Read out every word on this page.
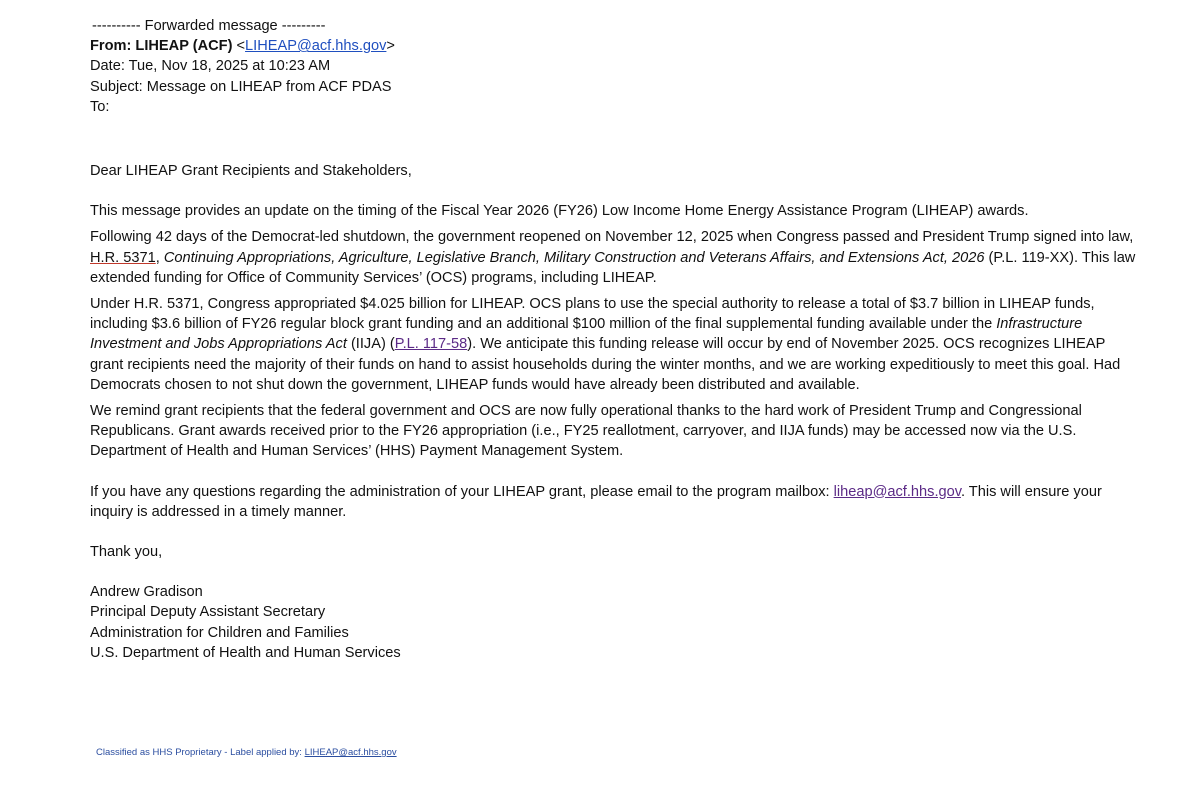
---------- Forwarded message ---------
From: LIHEAP (ACF) <LIHEAP@acf.hhs.gov>
Date: Tue, Nov 18, 2025 at 10:23 AM
Subject: Message on LIHEAP from ACF PDAS
To:

Dear LIHEAP Grant Recipients and Stakeholders,

This message provides an update on the timing of the Fiscal Year 2026 (FY26) Low Income Home Energy Assistance Program (LIHEAP) awards.

Following 42 days of the Democrat-led shutdown, the government reopened on November 12, 2025 when Congress passed and President Trump signed into law, H.R. 5371, Continuing Appropriations, Agriculture, Legislative Branch, Military Construction and Veterans Affairs, and Extensions Act, 2026 (P.L. 119-XX). This law extended funding for Office of Community Services’ (OCS) programs, including LIHEAP.

Under H.R. 5371, Congress appropriated $4.025 billion for LIHEAP. OCS plans to use the special authority to release a total of $3.7 billion in LIHEAP funds, including $3.6 billion of FY26 regular block grant funding and an additional $100 million of the final supplemental funding available under the Infrastructure Investment and Jobs Appropriations Act (IIJA) (P.L. 117-58). We anticipate this funding release will occur by end of November 2025. OCS recognizes LIHEAP grant recipients need the majority of their funds on hand to assist households during the winter months, and we are working expeditiously to meet this goal. Had Democrats chosen to not shut down the government, LIHEAP funds would have already been distributed and available.

We remind grant recipients that the federal government and OCS are now fully operational thanks to the hard work of President Trump and Congressional Republicans. Grant awards received prior to the FY26 appropriation (i.e., FY25 reallotment, carryover, and IIJA funds) may be accessed now via the U.S. Department of Health and Human Services’ (HHS) Payment Management System.

If you have any questions regarding the administration of your LIHEAP grant, please email to the program mailbox: liheap@acf.hhs.gov. This will ensure your inquiry is addressed in a timely manner.

Thank you,

Andrew Gradison
Principal Deputy Assistant Secretary
Administration for Children and Families
U.S. Department of Health and Human Services
Classified as HHS Proprietary - Label applied by: LIHEAP@acf.hhs.gov
